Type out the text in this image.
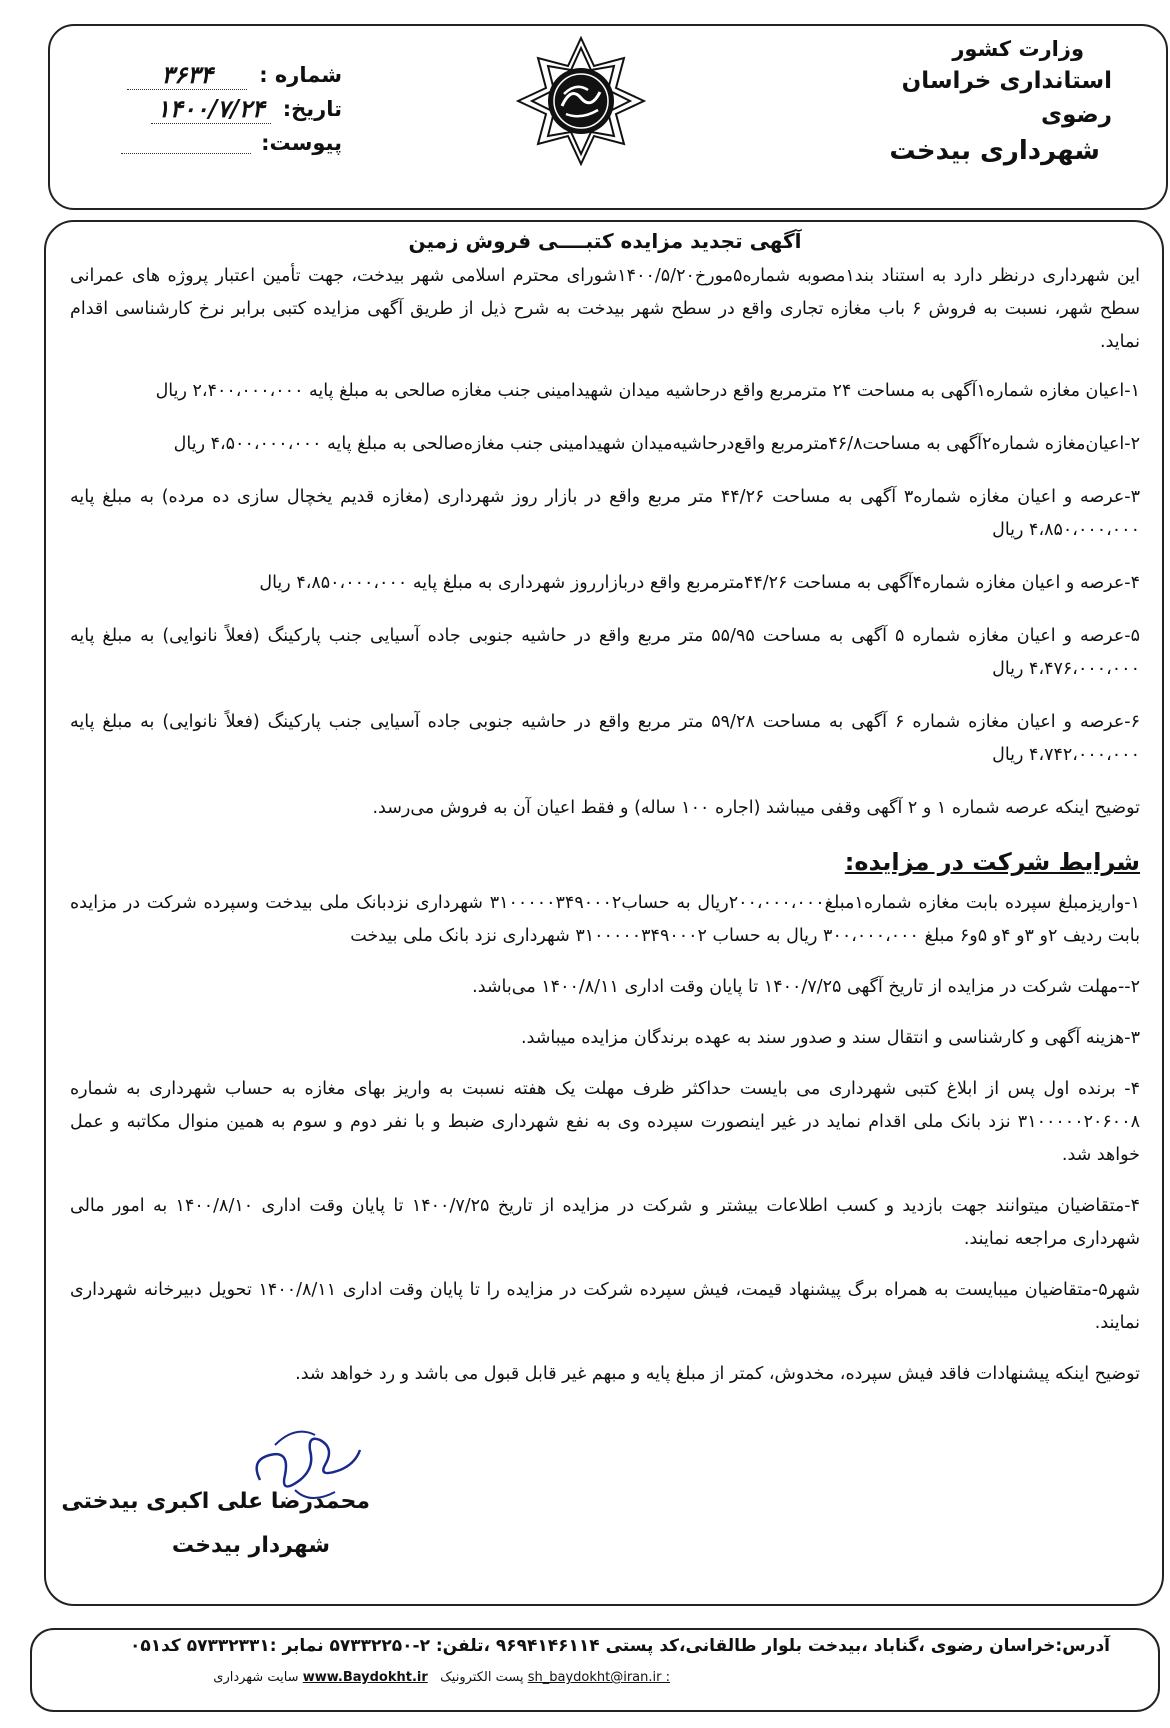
وزارت کشور
استانداری خراسان رضوی
شهرداری بیدخت
شماره :
۳۶۳۴
تاریخ:
۱۴۰۰/۷/۲۴
پیوست:
آگهی تجدید مزایده کتبــــی فروش زمین
این شهرداری درنظر دارد به استناد بند۱مصوبه شماره۵مورخ۱۴۰۰/۵/۲۰شورای محترم اسلامی شهر بیدخت، جهت تأمین اعتبار پروژه های عمرانی سطح شهر، نسبت به فروش ۶ باب مغازه تجاری واقع در سطح شهر بیدخت به شرح ذیل از طریق آگهی مزایده کتبی برابر نرخ کارشناسی اقدام نماید.
۱-اعیان مغازه شماره۱آگهی به مساحت ۲۴ مترمربع واقع درحاشیه میدان شهیدامینی جنب مغازه صالحی به مبلغ پایه ۲،۴۰۰،۰۰۰،۰۰۰ ریال
۲-اعیان‌مغازه شماره۲آگهی به مساحت۴۶/۸مترمربع واقع‌درحاشیه‌میدان شهیدامینی جنب مغازه‌صالحی به مبلغ پایه ۴،۵۰۰،۰۰۰،۰۰۰ ریال
۳-عرصه و اعیان مغازه شماره۳ آگهی به مساحت ۴۴/۲۶ متر مربع واقع در بازار روز شهرداری (مغازه قدیم یخچال سازی ده مرده) به مبلغ پایه ۴،۸۵۰،۰۰۰،۰۰۰ ریال
۴-عرصه و اعیان مغازه شماره۴آگهی به مساحت ۴۴/۲۶مترمربع واقع دربازارروز شهرداری به مبلغ پایه ۴،۸۵۰،۰۰۰،۰۰۰ ریال
۵-عرصه و اعیان مغازه شماره ۵ آگهی به مساحت ۵۵/۹۵ متر مربع واقع در حاشیه جنوبی جاده آسیایی جنب پارکینگ (فعلاً نانوایی) به مبلغ پایه ۴،۴۷۶،۰۰۰،۰۰۰ ریال
۶-عرصه و اعیان مغازه شماره ۶ آگهی به مساحت ۵۹/۲۸ متر مربع واقع در حاشیه جنوبی جاده آسیایی جنب پارکینگ (فعلاً نانوایی) به مبلغ پایه ۴،۷۴۲،۰۰۰،۰۰۰ ریال
توضیح اینکه عرصه شماره ۱ و ۲ آگهی وقفی میباشد (اجاره ۱۰۰ ساله) و فقط اعیان آن به فروش می‌رسد.
شرایط شرکت در مزایده:
۱-واریزمبلغ سپرده بابت مغازه شماره۱مبلغ۲۰۰،۰۰۰،۰۰۰ریال به حساب۳۱۰۰۰۰۰۳۴۹۰۰۰۲ شهرداری نزدبانک ملی بیدخت وسپرده شرکت در مزایده بابت ردیف ۲و ۳و ۴و ۵و۶ مبلغ ۳۰۰،۰۰۰،۰۰۰ ریال به حساب ۳۱۰۰۰۰۰۳۴۹۰۰۰۲ شهرداری نزد بانک ملی بیدخت
۲--مهلت شرکت در مزایده از تاریخ آگهی ۱۴۰۰/۷/۲۵ تا پایان وقت اداری ۱۴۰۰/۸/۱۱ می‌باشد.
۳-هزینه آگهی و کارشناسی و انتقال سند و صدور سند به عهده برندگان مزایده میباشد.
۴- برنده اول پس از ابلاغ کتبی شهرداری می بایست حداکثر ظرف مهلت یک هفته نسبت به واریز بهای مغازه به حساب شهرداری به شماره ۳۱۰۰۰۰۰۲۰۶۰۰۸ نزد بانک ملی اقدام نماید در غیر اینصورت سپرده وی به نفع شهرداری ضبط و با نفر دوم و سوم به همین منوال مکاتبه و عمل خواهد شد.
۴-متقاضیان میتوانند جهت بازدید و کسب اطلاعات بیشتر و شرکت در مزایده از تاریخ ۱۴۰۰/۷/۲۵ تا پایان وقت اداری ۱۴۰۰/۸/۱۰ به امور مالی شهرداری مراجعه نمایند.
شهر۵-متقاضیان میبایست به همراه برگ پیشنهاد قیمت، فیش سپرده شرکت در مزایده را تا پایان وقت اداری ۱۴۰۰/۸/۱۱ تحویل دبیرخانه شهرداری نمایند.
توضیح اینکه پیشنهادات فاقد فیش سپرده، مخدوش، کمتر از مبلغ پایه و مبهم غیر قابل قبول می باشد و رد خواهد شد.
محمدرضا علی اکبری بیدختی
شهردار بیدخت
آدرس:خراسان رضوی ،گناباد ،بیدخت بلوار طالقانی،کد پستی ۹۶۹۴۱۴۶۱۱۴ ،تلفن: ۲-۵۷۳۳۲۲۵۰ نمابر :۵۷۳۳۲۳۳۱ کد۰۵۱
sh_baydokht@iran.ir : پست الکترونیک   www.Baydokht.ir سایت شهرداری
